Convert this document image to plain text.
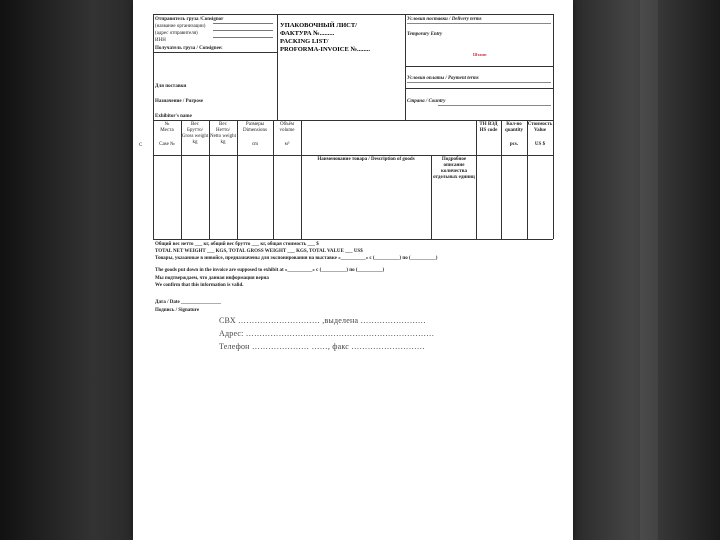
Отправитель груза /Consignor
(название организации)
(адрес отправителя)
ИНН
Получатель груза / Consignee:
УПАКОВОЧНЫЙ ЛИСТ/
ФАКТУРА №.........
PACKING LIST/
PROFORMA-INVOICE №........
Условия поставки / Delivery terms
Temporary Entry
Штамп
Условия оплаты / Payment terms
Страна / Country
Для поставки
Назначение / Purpose
Exhibitor's name
C
№
Места
Case №
Вес
Брутто/
Gross weight kg
Вес
Нетто/
Netto weight kg
Размеры
Dimensions
cm
Объём
volume
м³
ТН ВЭД
HS code
Кол-во
quantity
pcs.
Стоимость
Value
US $
Наименование товара / Description of goods	Подробное описание количества отдельных единиц
Общий вес нетто ___ кг, общий вес брутто ___ кг, общая стоимость ___ $
TOTAL NET WEIGHT ___ KGS, TOTAL GROSS WEIGHT ___ KGS, TOTAL VALUE ___ US$
Товары, указанные в инвойсе, предназначены для экспонирования на выставке «__________» с (__________) по (__________)
The goods put down in the invoice are supposed to exhibit at «__________» с (__________) по (__________)
Мы подтверждаем, что данная информация верна
We confirm that this information is valid.
Дата / Date ________________
Подпись / Signature
СВХ ………………………… ,выделена ……………………
Адрес: ……………………………………………………………
Телефон ………………… ……, факс ………………………
